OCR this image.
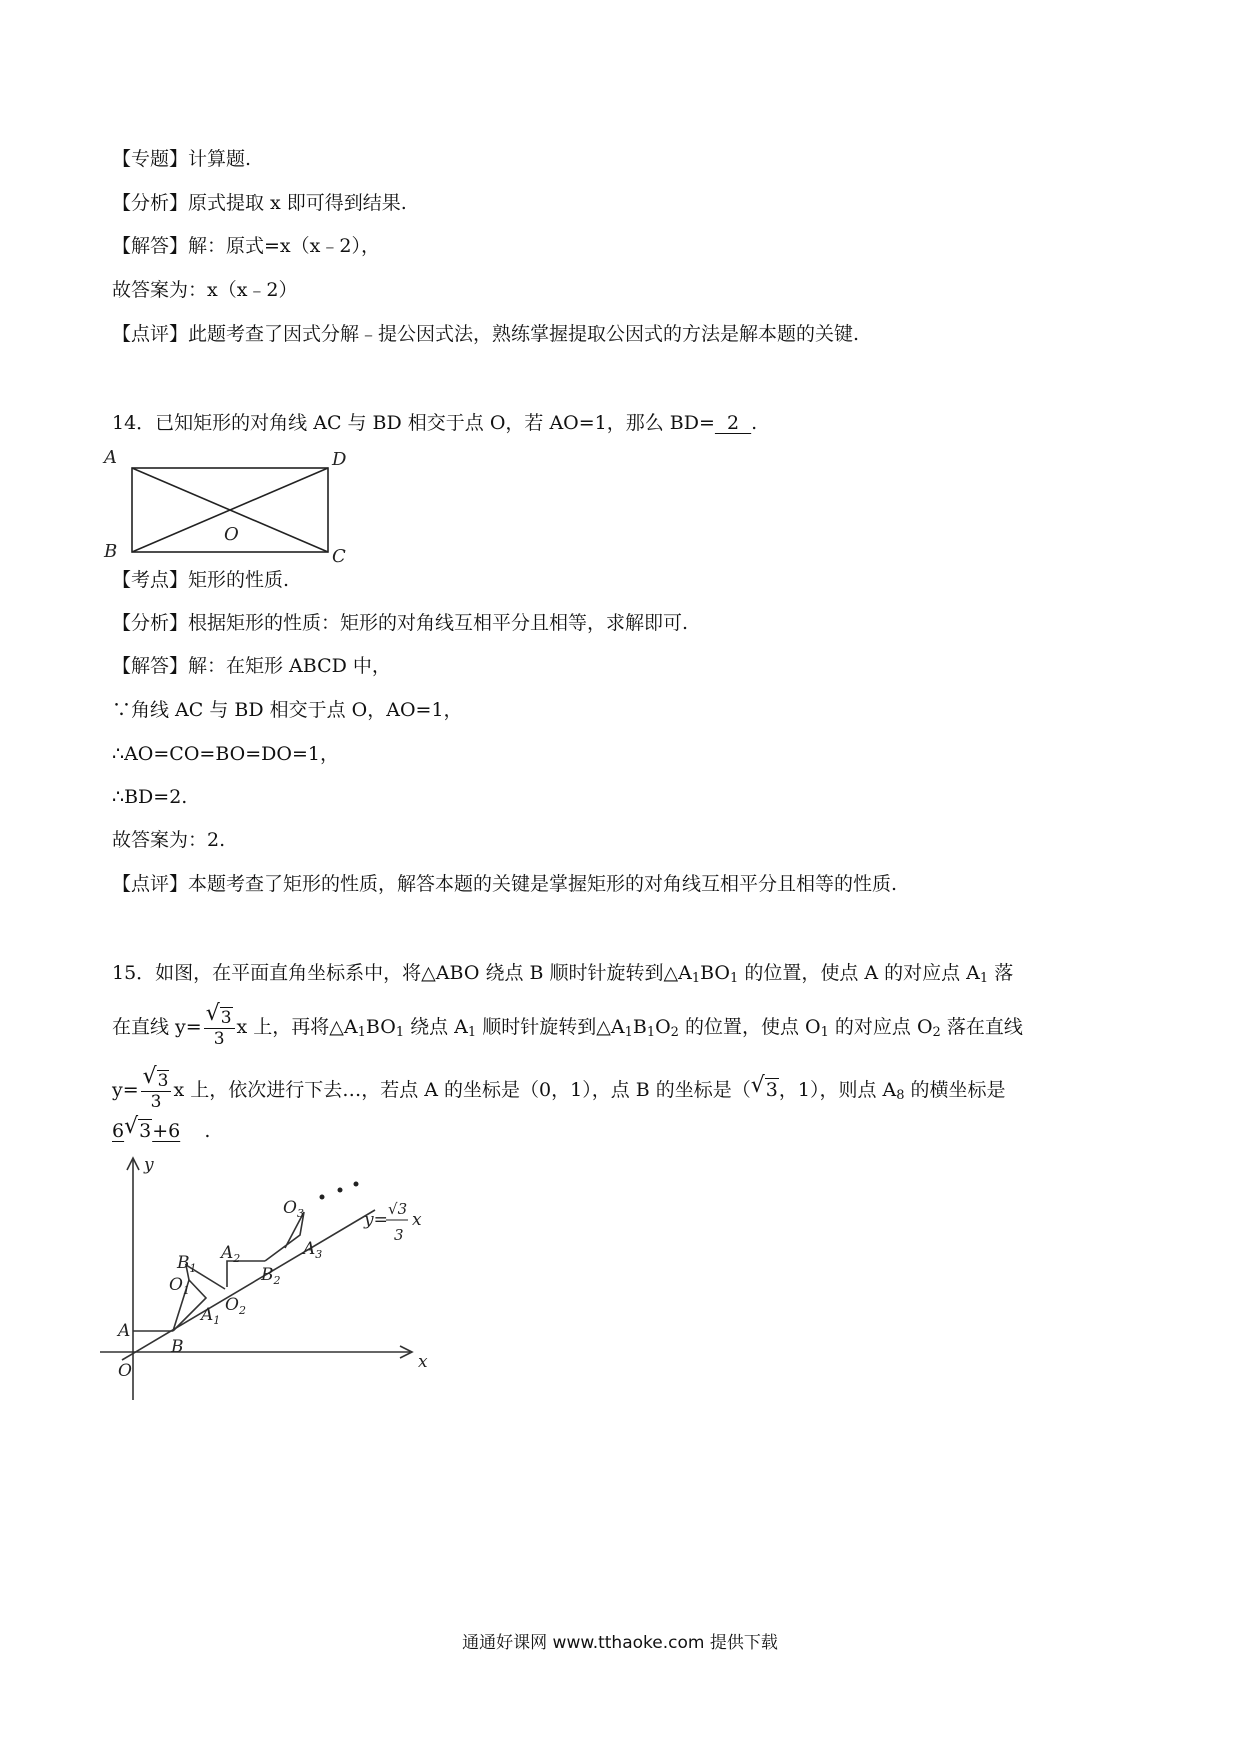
【专题】计算题.
【分析】原式提取 x 即可得到结果.
【解答】解：原式=x（x﹣2），
故答案为：x（x﹣2）
【点评】此题考查了因式分解﹣提公因式法，熟练掌握提取公因式的方法是解本题的关键.
14．已知矩形的对角线 AC 与 BD 相交于点 O，若 AO=1，那么 BD=  2  .
A	D
B	C
O
【考点】矩形的性质.
【分析】根据矩形的性质：矩形的对角线互相平分且相等，求解即可.
【解答】解：在矩形 ABCD 中，
∵角线 AC 与 BD 相交于点 O，AO=1，
∴AO=CO=BO=DO=1，
∴BD=2.
故答案为：2.
【点评】本题考查了矩形的性质，解答本题的关键是掌握矩形的对角线互相平分且相等的性质.
15．如图，在平面直角坐标系中，将△ABO 绕点 B 顺时针旋转到$\triangle A_1BO_1$ 的位置，使点 A 的对应点 $A_1$ 落
在直线 $y= \frac{√ 3}{3}$ x 上，再将$\triangle A_1BO_1$ 绕点 $A_1$ 顺时针旋转到$\triangle A_1B_1O_2$ 的位置，使点 $O_1$ 的对应点 $O_2$ 落在直线
$y= \frac{√ 3}{3}$ x 上，依次进行下去…，若点 A 的坐标是（0，1），点 B 的坐标是（ √ 3，1），则点 $A_8$ 的横坐标是
6 √ 3+6    .
y
x
O
A
B
$B_1$
$O_1$
$A_1$
$A_2$
$O_2$
$B_2$
$O_3$
$A_3$
y=
√3
3
x
通通好课网 www.tthaoke.com 提供下载
